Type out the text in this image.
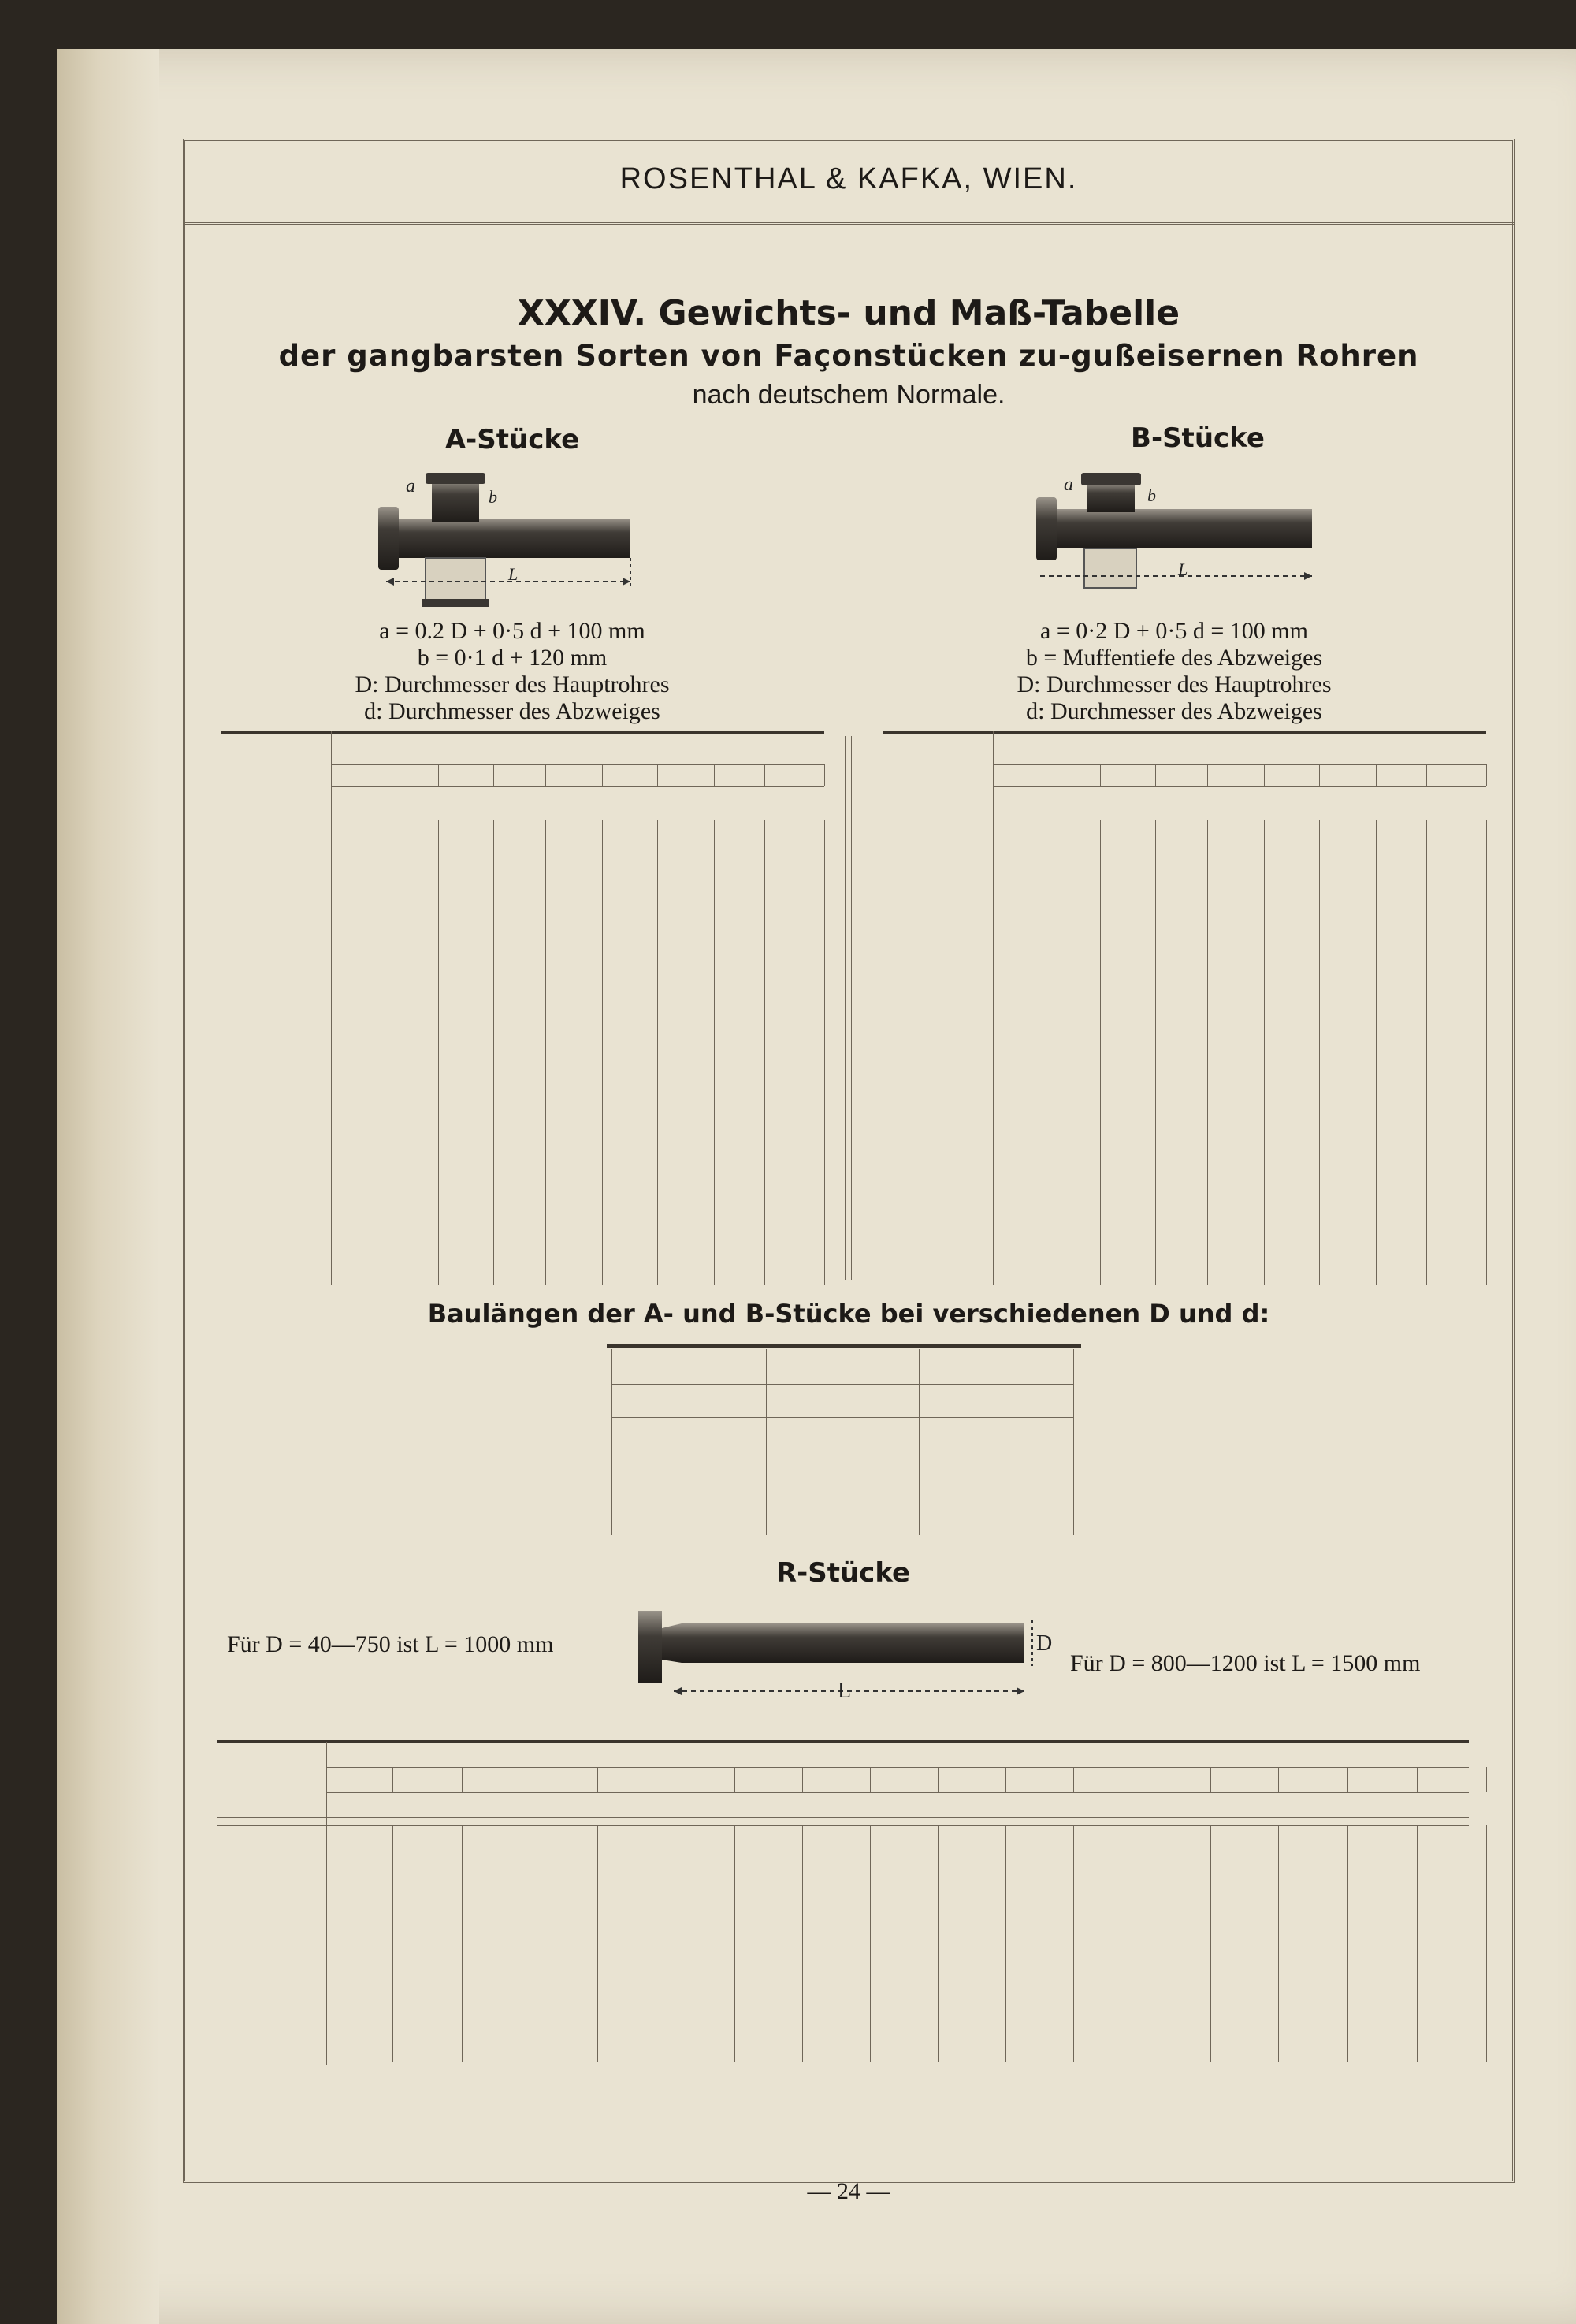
ROSENTHAL & KAFKA, WIEN.
XXXIV. Gewichts- und Maß-Tabelle
der gangbarsten Sorten von Façonstücken zu-gußeisernen Rohren
nach deutschem Normale.
A-Stücke
L
a
b
a = 0.2 D + 0·5 d + 100 mm
b = 0·1 d + 120 mm
D: Durchmesser des Hauptrohres
d: Durchmesser des Abzweiges
B-Stücke
L
a
b
a = 0·2 D + 0·5 d = 100 mm
b = Muffentiefe des Abzweiges
D: Durchmesser des Hauptrohres
d: Durchmesser des Abzweiges
Baulängen der A- und B-Stücke bei verschiedenen D und d:
R-Stücke
Für D = 40—750 ist L = 1000 mm
Für D = 800—1200 ist L = 1500 mm
D
L
— 24 —
